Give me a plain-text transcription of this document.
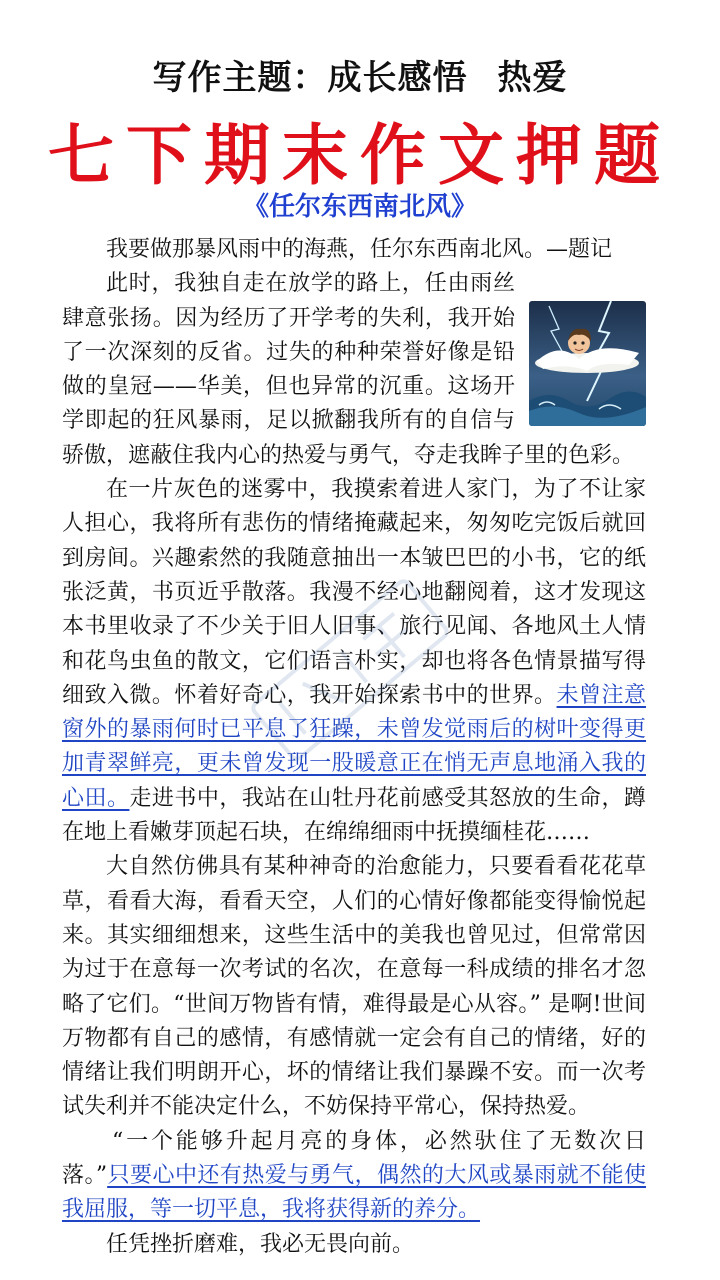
写作主题：成长感悟 热爱
七下期末作文押题
《任尔东西南北风》

我要做那暴风雨中的海燕，任尔东西南北风。—题记

此时，我独自走在放学的路上，任由雨丝肆意张扬。因为经历了开学考的失利，我开始了一次深刻的反省。过失的种种荣誉好像是铅做的皇冠——华美，但也异常的沉重。这场开学即起的狂风暴雨，足以掀翻我所有的自信与骄傲，遮蔽住我内心的热爱与勇气，夺走我眸子里的色彩。

在一片灰色的迷雾中，我摸索着进人家门，为了不让家人担心，我将所有悲伤的情绪掩藏起来，匆匆吃完饭后就回到房间。兴趣索然的我随意抽出一本皱巴巴的小书，它的纸张泛黄，书页近乎散落。我漫不经心地翻阅着，这才发现这本书里收录了不少关于旧人旧事、旅行见闻、各地风土人情和花鸟虫鱼的散文，它们语言朴实，却也将各色情景描写得细致入微。怀着好奇心，我开始探索书中的世界。未曾注意窗外的暴雨何时已平息了狂躁，未曾发觉雨后的树叶变得更加青翠鲜亮，更未曾发现一股暖意正在悄无声息地涌入我的心田。走进书中，我站在山牡丹花前感受其怒放的生命，蹲在地上看嫩芽顶起石块，在绵绵细雨中抚摸缅桂花……

大自然仿佛具有某种神奇的治愈能力，只要看看花花草草，看看大海，看看天空，人们的心情好像都能变得愉悦起来。其实细细想来，这些生活中的美我也曾见过，但常常因为过于在意每一次考试的名次，在意每一科成绩的排名才忽略了它们。“世间万物皆有情，难得最是心从容。” 是啊!世间万物都有自己的感情，有感情就一定会有自己的情绪，好的情绪让我们明朗开心，坏的情绪让我们暴躁不安。而一次考试失利并不能决定什么，不妨保持平常心，保持热爱。

“一个能够升起月亮的身体，必然驮住了无数次日落。”只要心中还有热爱与勇气，偶然的大风或暴雨就不能使我屈服，等一切平息，我将获得新的养分。

任凭挫折磨难，我必无畏向前。
